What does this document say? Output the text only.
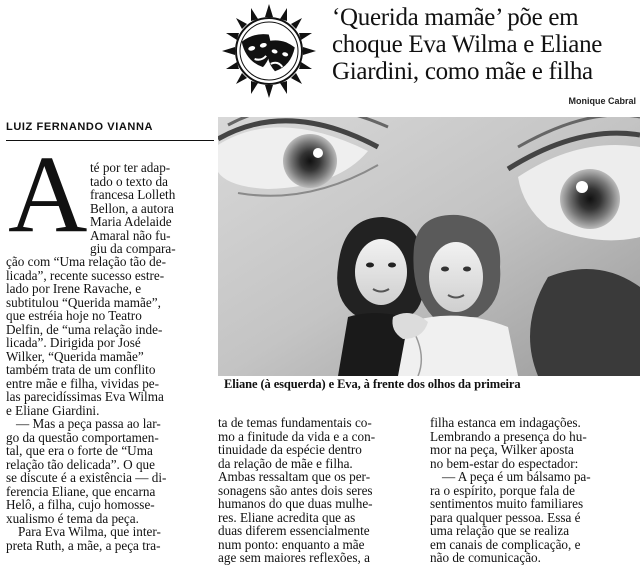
‘Querida mamãe’ põe em
choque Eva Wilma e Eliane
Giardini, como mãe e filha
Monique Cabral
LUIZ FERNANDO VIANNA
Eliane (à esquerda) e Eva, à frente dos olhos da primeira
A té por ter adap-
tado o texto da
francesa Lolleth
Bellon, a autora
Maria Adelaide
Amaral não fu-
giu da compara-
ção com “Uma relação tão de-
licada”, recente sucesso estre-
lado por Irene Ravache, e
subtitulou “Querida mamãe”,
que estréia hoje no Teatro
Delfin, de “uma relação inde-
licada”. Dirigida por José
Wilker, “Querida mamãe”
também trata de um conflito
entre mãe e filha, vividas pe-
las parecidíssimas Eva Wilma
e Eliane Giardini.
— Mas a peça passa ao lar-
go da questão comportamen-
tal, que era o forte de “Uma
relação tão delicada”. O que
se discute é a existência — di-
ferencia Eliane, que encarna
Helô, a filha, cujo homosse-
xualismo é tema da peça.
Para Eva Wilma, que inter-
preta Ruth, a mãe, a peça tra-
ta de temas fundamentais co-
mo a finitude da vida e a con-
tinuidade da espécie dentro
da relação de mãe e filha.
Ambas ressaltam que os per-
sonagens são antes dois seres
humanos do que duas mulhe-
res. Eliane acredita que as
duas diferem essencialmente
num ponto: enquanto a mãe
age sem maiores reflexões, a
filha estanca em indagações.
Lembrando a presença do hu-
mor na peça, Wilker aposta
no bem-estar do espectador:
— A peça é um bálsamo pa-
ra o espírito, porque fala de
sentimentos muito familiares
para qualquer pessoa. Essa é
uma relação que se realiza
em canais de complicação, e
não de comunicação.
